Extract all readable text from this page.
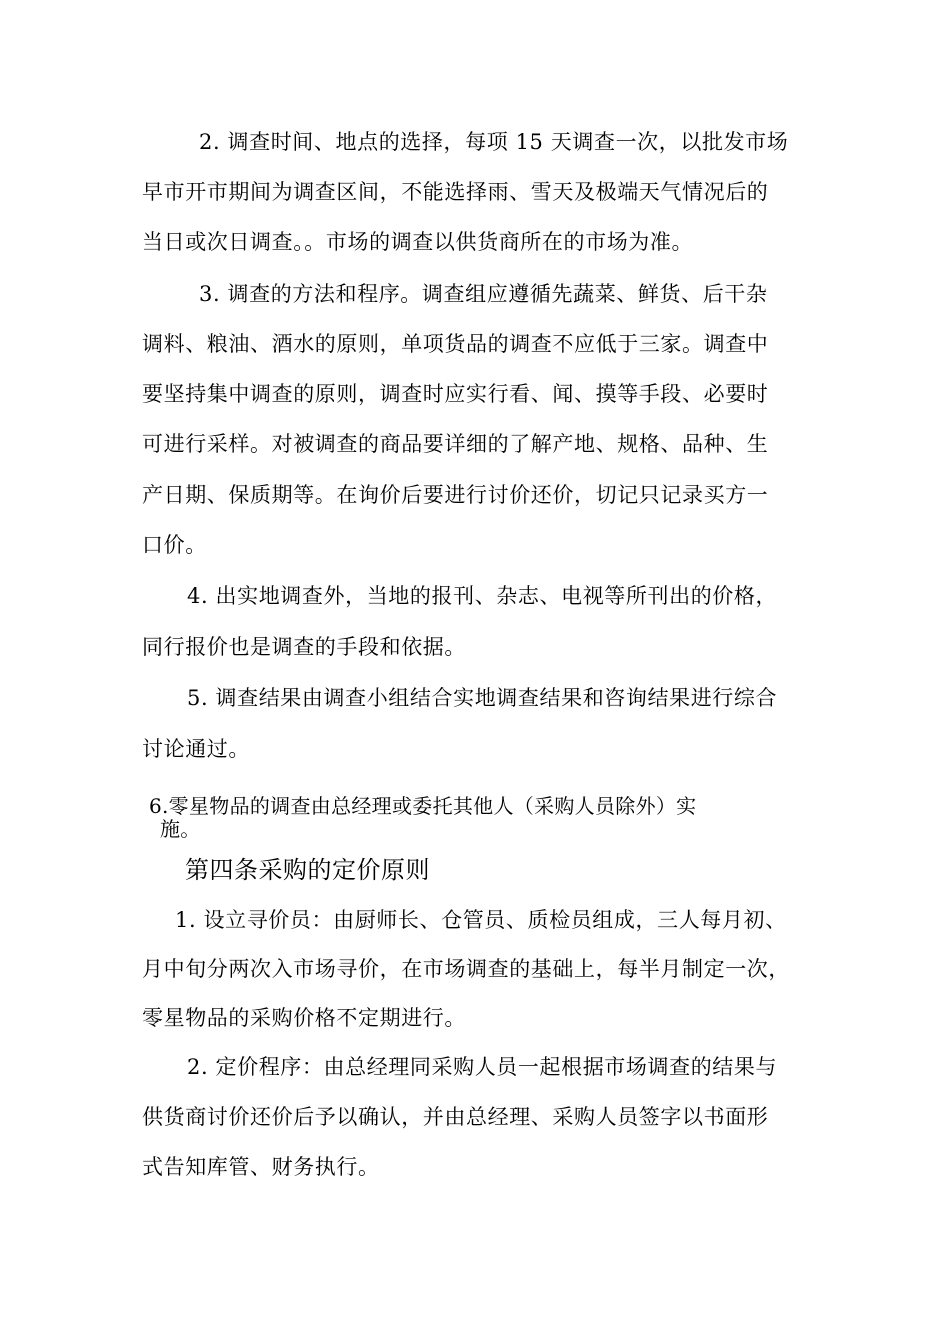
2. 调查时间、地点的选择，每项 15 天调查一次，以批发市场
早市开市期间为调查区间，不能选择雨、雪天及极端天气情况后的
当日或次日调查。。市场的调查以供货商所在的市场为准。
3. 调查的方法和程序。调查组应遵循先蔬菜、鲜货、后干杂
调料、粮油、酒水的原则，单项货品的调查不应低于三家。调查中
要坚持集中调查的原则，调查时应实行看、闻、摸等手段、必要时
可进行采样。对被调查的商品要详细的了解产地、规格、品种、生
产日期、保质期等。在询价后要进行讨价还价，切记只记录买方一
口价。
4. 出实地调查外，当地的报刊、杂志、电视等所刊出的价格，
同行报价也是调查的手段和依据。
5. 调查结果由调查小组结合实地调查结果和咨询结果进行综合
讨论通过。
6.零星物品的调查由总经理或委托其他人（采购人员除外）实
施。
第四条采购的定价原则
1. 设立寻价员：由厨师长、仓管员、质检员组成，三人每月初、
月中旬分两次入市场寻价，在市场调查的基础上，每半月制定一次，
零星物品的采购价格不定期进行。
2. 定价程序：由总经理同采购人员一起根据市场调查的结果与
供货商讨价还价后予以确认，并由总经理、采购人员签字以书面形
式告知库管、财务执行。
